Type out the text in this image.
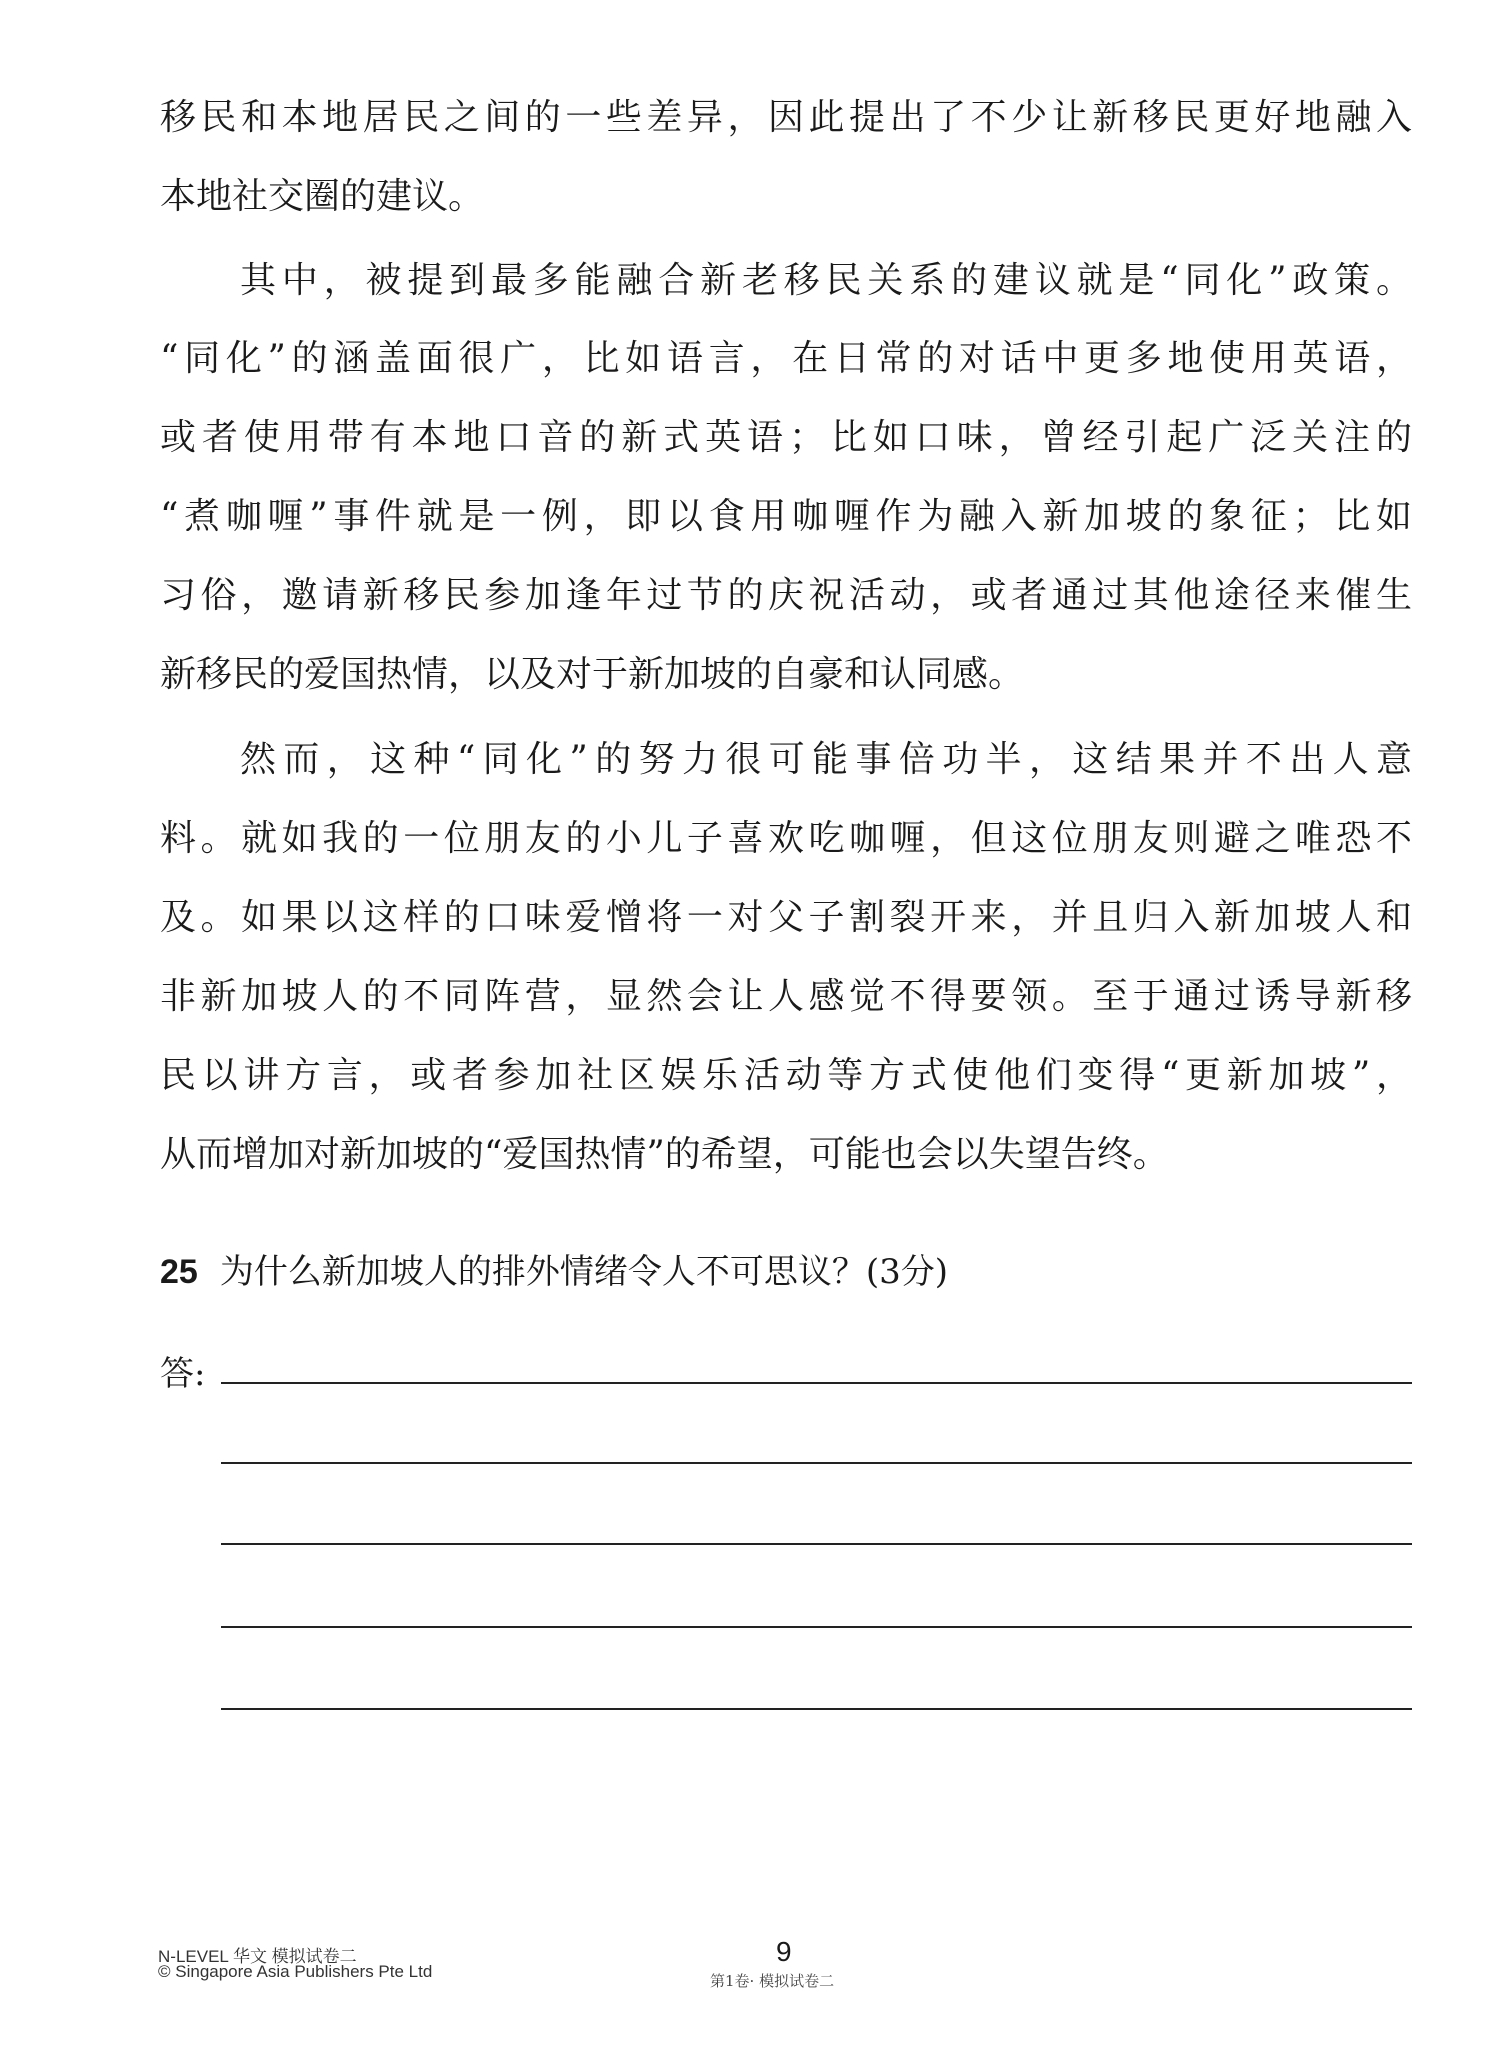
移民和本地居民之间的一些差异，因此提出了不少让新移民更好地融入
本地社交圈的建议。
其中，被提到最多能融合新老移民关系的建议就是“同化”政策。
“同化”的涵盖面很广，比如语言，在日常的对话中更多地使用英语，
或者使用带有本地口音的新式英语；比如口味，曾经引起广泛关注的
“煮咖喱”事件就是一例，即以食用咖喱作为融入新加坡的象征；比如
习俗，邀请新移民参加逢年过节的庆祝活动，或者通过其他途径来催生
新移民的爱国热情，以及对于新加坡的自豪和认同感。
然而，这种“同化”的努力很可能事倍功半，这结果并不出人意
料。就如我的一位朋友的小儿子喜欢吃咖喱，但这位朋友则避之唯恐不
及。如果以这样的口味爱憎将一对父子割裂开来，并且归入新加坡人和
非新加坡人的不同阵营，显然会让人感觉不得要领。至于通过诱导新移
民以讲方言，或者参加社区娱乐活动等方式使他们变得“更新加坡”，
从而增加对新加坡的“爱国热情”的希望，可能也会以失望告终。
25 为什么新加坡人的排外情绪令人不可思议？(3分)
答:
N-LEVEL 华文 模拟试卷二
© Singapore Asia Publishers Pte Ltd
9
第1卷· 模拟试卷二
